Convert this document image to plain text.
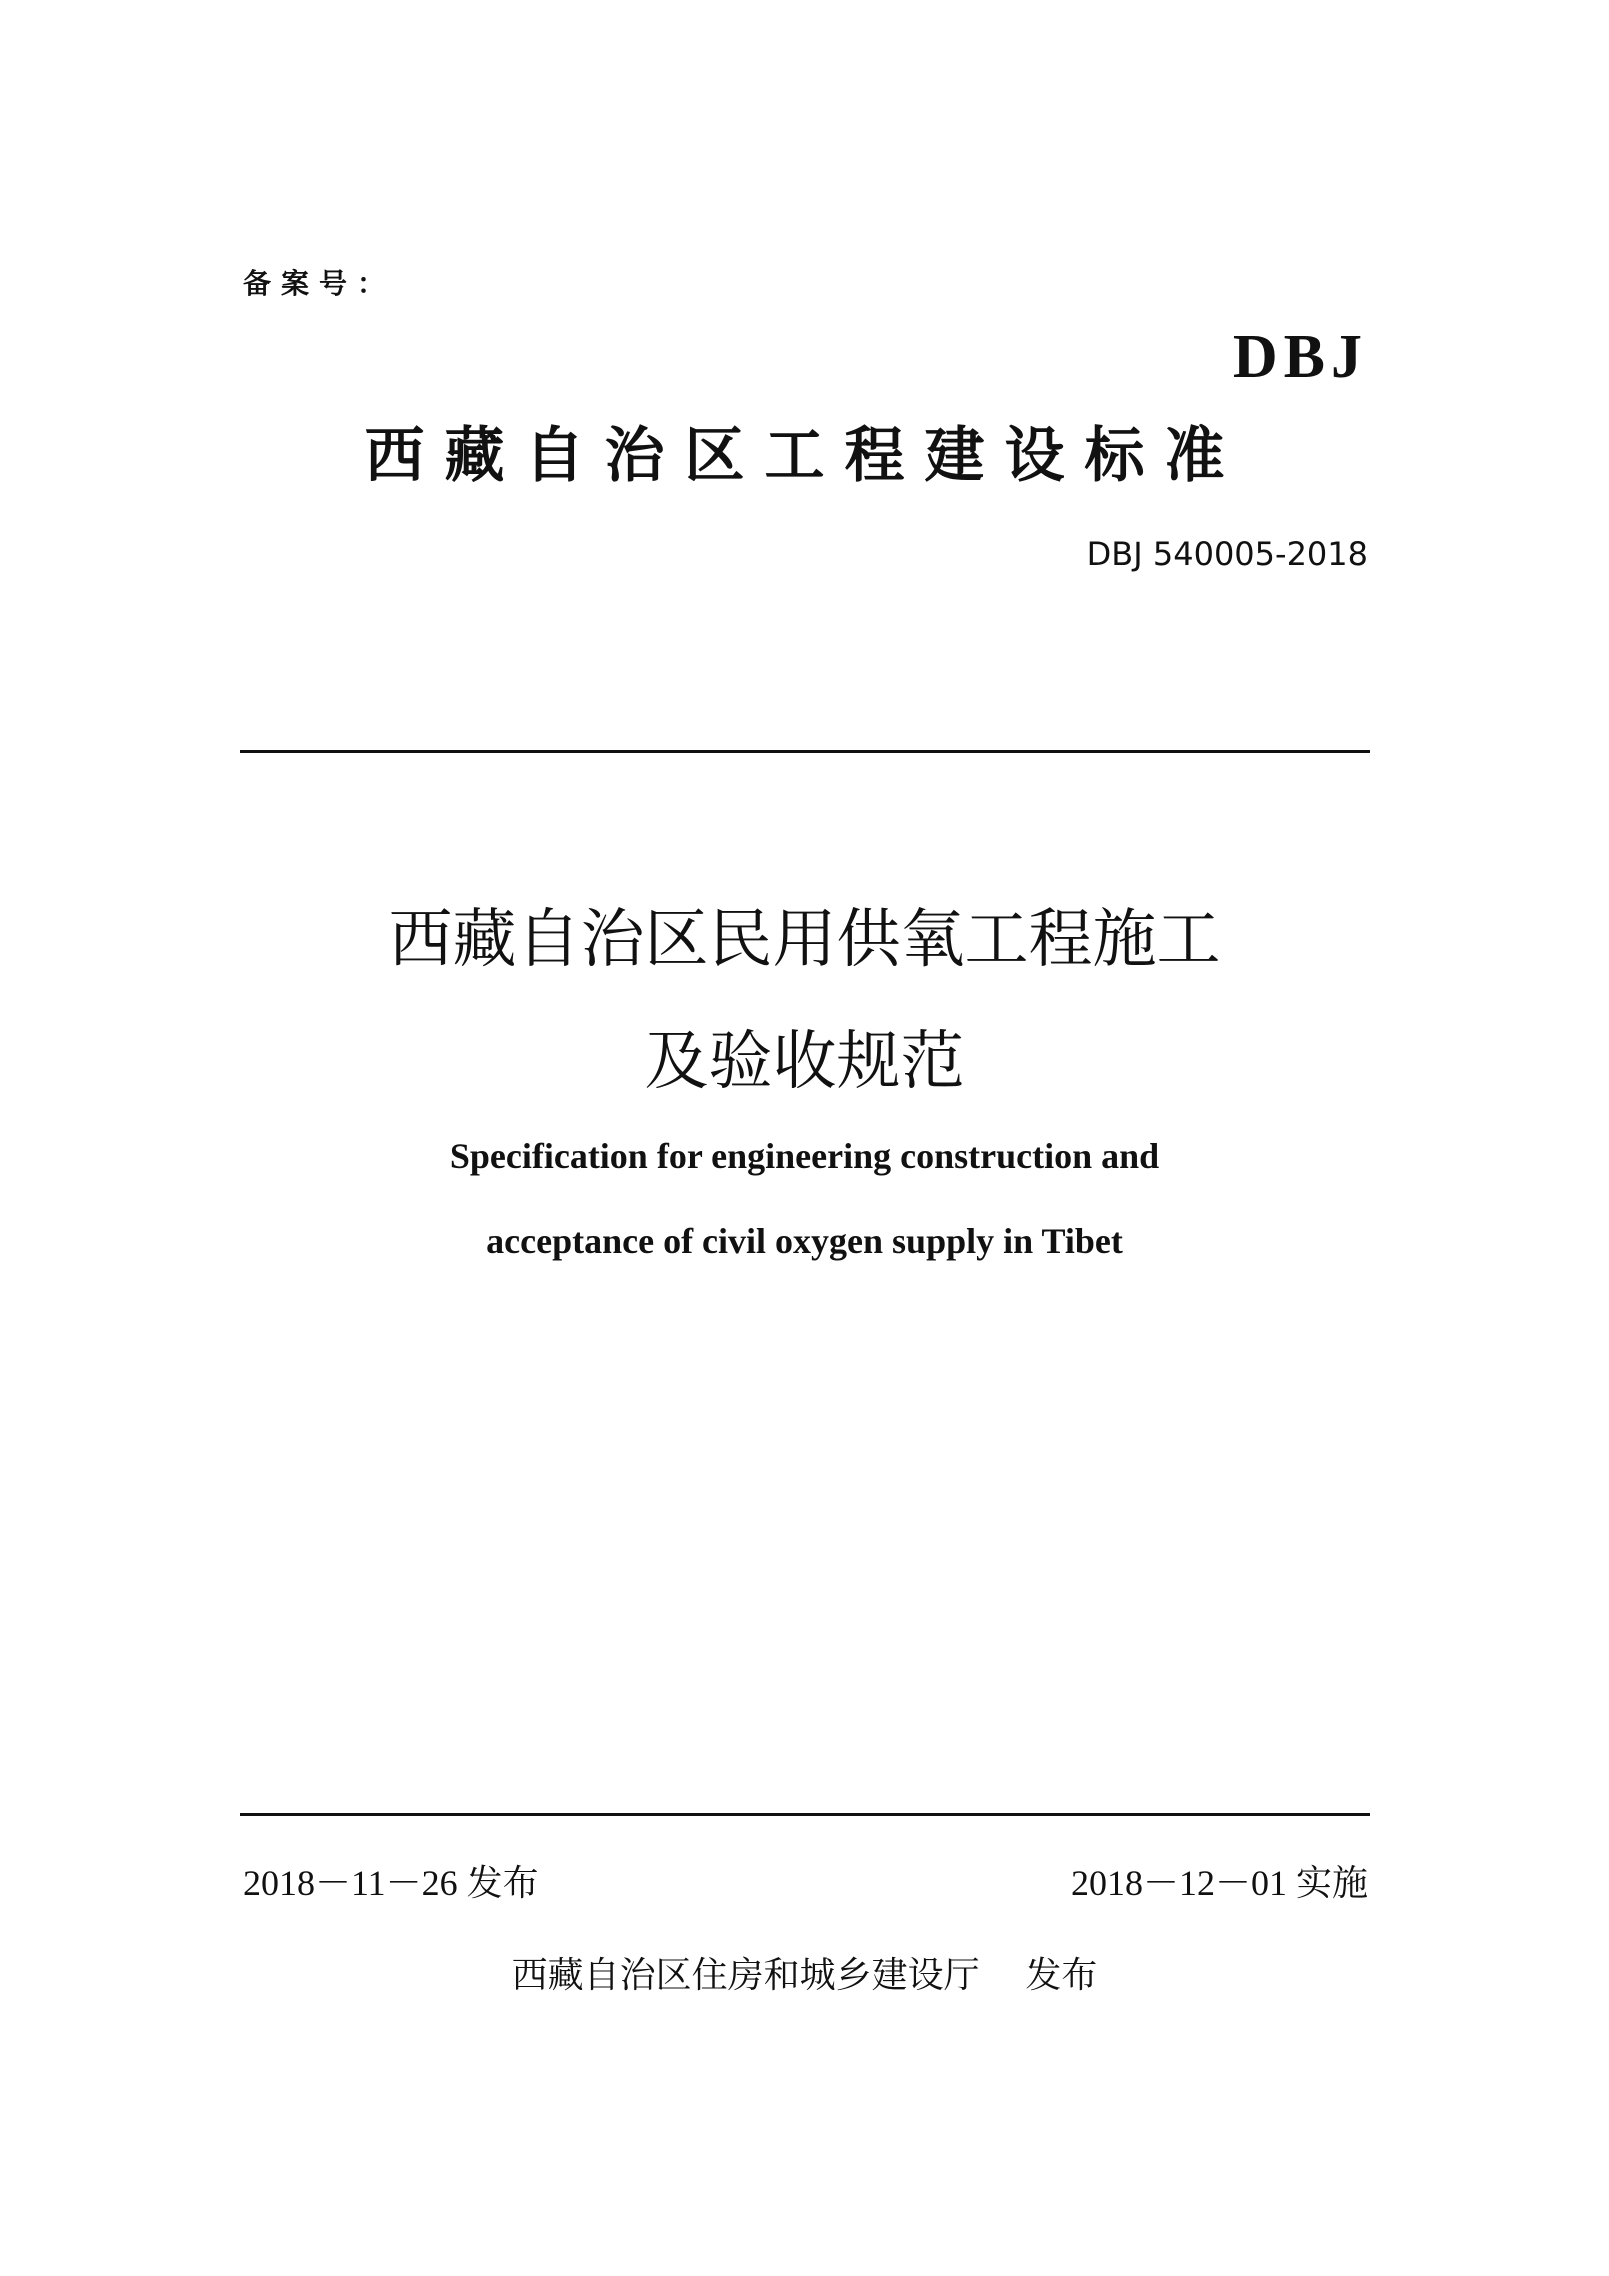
备案号：
DBJ
西藏自治区工程建设标准
DBJ 540005-2018
西藏自治区民用供氧工程施工
及验收规范
Specification for engineering construction and
acceptance of civil oxygen supply in Tibet
2018－11－26 发布	2018－12－01 实施
西藏自治区住房和城乡建设厅 发布
